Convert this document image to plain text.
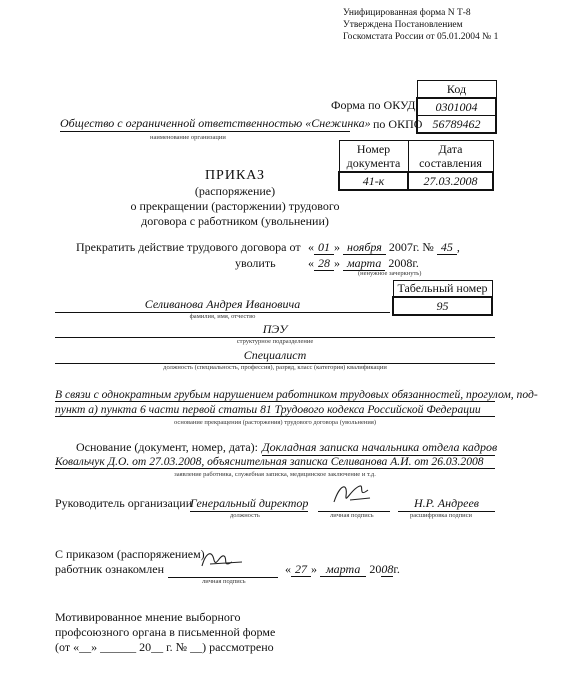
Унифицированная форма N Т-8
Утверждена Постановлением
Госкомстата России от 05.01.2004 № 1
Код
0301004
56789462
Форма по ОКУД
по ОКПО
Общество с ограниченной ответственностью «Снежинка»
наименование организации
Номер документа	Дата составления
41-к	27.03.2008
ПРИКАЗ
(распоряжение)
о прекращении (расторжении) трудового
договора с работником (увольнении)
Прекратить действие трудового договора от « 01 » ноября 2007г. № 45 ,
уволить	« 28 » марта 2008г.
(ненужное зачеркнуть)
Табельный номер
95
Селиванова Андрея Ивановича
фамилия, имя, отчество
ПЭУ
структурное подразделение
Специалист
должность (специальность, профессия), разряд, класс (категория) квалификации
В связи с однократным грубым нарушением работником трудовых обязанностей, прогулом, под-
пункт а) пункта 6 части первой статьи 81 Трудового кодекса Российской Федерации
основание прекращения (расторжения) трудового договора (увольнения)
Основание (документ, номер, дата): Докладная записка начальника отдела кадров
Ковальчук Д.О. от 27.03.2008, объяснительная записка Селиванова А.И. от 26.03.2008
заявление работника, служебная записка, медицинское заключение и т.д.
Руководитель организации
Генеральный директор	Н.Р. Андреев
должность	личная подпись	расшифровка подписи
С приказом (распоряжением)
работник ознакомлен
личная подпись
« 27 » марта 2008г.
Мотивированное мнение выборного
профсоюзного органа в письменной форме
(от «__» ______ 20__ г. № __) рассмотрено
